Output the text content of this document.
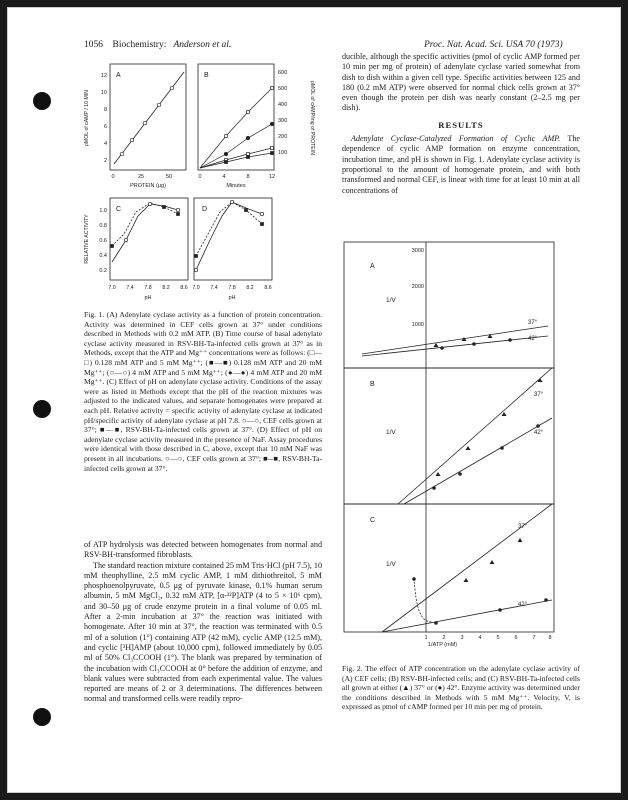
1056 Biochemistry: Anderson et al.	Proc. Nat. Acad. Sci. USA 70 (1973)
A
pMOL of cAMP / 10 MIN
2
4
6
8
10
12
0	25	50
PROTEIN (μg)
B
pMOL of cAMP/mg of PROTEIN
100
200
300
400
500
600
0	4	8	12
Minutes
C
RELATIVE ACTIVITY
0.2
0.4
0.6
0.8
1.0
7.0 7.4 7.8 8.2 8.6
pH
D
7.0 7.4 7.8 8.2 8.6
pH
Fig. 1. (A) Adenylate cyclase activity as a function of protein concentration. Activity was determined in CEF cells grown at 37° under conditions described in Methods with 0.2 mM ATP. (B) Time course of basal adenylate cyclase activity measured in RSV-BH-Ta-infected cells grown at 37° as in Methods, except that the ATP and Mg⁺⁺ concentrations were as follows: (□—□) 0.128 mM ATP and 5 mM Mg⁺⁺; (■—■) 0.128 mM ATP and 20 mM Mg⁺⁺; (○—○) 4 mM ATP and 5 mM Mg⁺⁺; (●—●) 4 mM ATP and 20 mM Mg⁺⁺. (C) Effect of pH on adenylate cyclase activity. Conditions of the assay were as listed in Methods except that the pH of the reaction mixtures was adjusted to the indicated values, and separate homogenates were prepared at each pH. Relative activity = specific activity of adenylate cyclase at indicated pH/specific activity of adenylate cyclase at pH 7.8. ○—○, CEF cells grown at 37°; ■—■, RSV-BH-Ta-infected cells grown at 37°. (D) Effect of pH on adenylate cyclase activity measured in the presence of NaF. Assay procedures were identical with those described in C, above, except that 10 mM NaF was present in all incubations. ○—○, CEF cells grown at 37°; ■--■, RSV-BH-Ta-infected cells grown at 37°.

of ATP hydrolysis was detected between homogenates from normal and RSV-BH-transformed fibroblasts.

The standard reaction mixture contained 25 mM Tris·HCl (pH 7.5), 10 mM theophylline, 2.5 mM cyclic AMP, 1 mM dithiothreitol, 5 mM phosphoenolpyruvate, 0.5 μg of pyruvate kinase, 0.1% human serum albumin, 5 mM MgCl₂, 0.32 mM ATP, [α-³²P]ATP (4 to 5 × 10⁶ cpm), and 30–50 μg of crude enzyme protein in a final volume of 0.05 ml. After a 2-min incubation at 37° the reaction was initiated with homogenate. After 10 min at 37°, the reaction was terminated with 0.5 ml of a solution (1°) containing ATP (42 mM), cyclic AMP (12.5 mM), and cyclic [³H]AMP (about 10,000 cpm), followed immediately by 0.05 ml of 50% Cl₃CCOOH (1°). The blank was prepared by termination of the incubation with Cl₃CCOOH at 0° before the addition of enzyme, and blank values were subtracted from each experimental value. The values reported are means of 2 or 3 determinations. The differences between normal and transformed cells were readily repro-

ducible, although the specific activities (pmol of cyclic AMP formed per 10 min per mg of protein) of adenylate cyclase varied somewhat from dish to dish within a given cell type. Specific activities between 125 and 180 (0.2 mM ATP) were observed for normal chick cells grown at 37° even though the protein per dish was nearly constant (2–2.5 mg per dish).

RESULTS

Adenylate Cyclase-Catalyzed Formation of Cyclic AMP. The dependence of cyclic AMP formation on enzyme concentration, incubation time, and pH is shown in Fig. 1. Adenylate cyclase activity is proportional to the amount of homogenate protein, and with both transformed and normal CEF, is linear with time for at least 10 min at all concentrations of

A
1/V
3000
2000
1000	37°
42°
B
1/V
37°
42°
C
1/V
37°
42°
1	2	3	4	5	6	7 8
1/ATP (mM)
Fig. 2. The effect of ATP concentration on the adenylate cyclase activity of (A) CEF cells; (B) RSV-BH-infected cells; and (C) RSV-BH-Ta-infected cells all grown at either (▲) 37° or (●) 42°. Enzyme activity was determined under the conditions described in Methods with 5 mM Mg⁺⁺. Velocity, V, is expressed as pmol of cAMP formed per 10 min per mg of protein.
